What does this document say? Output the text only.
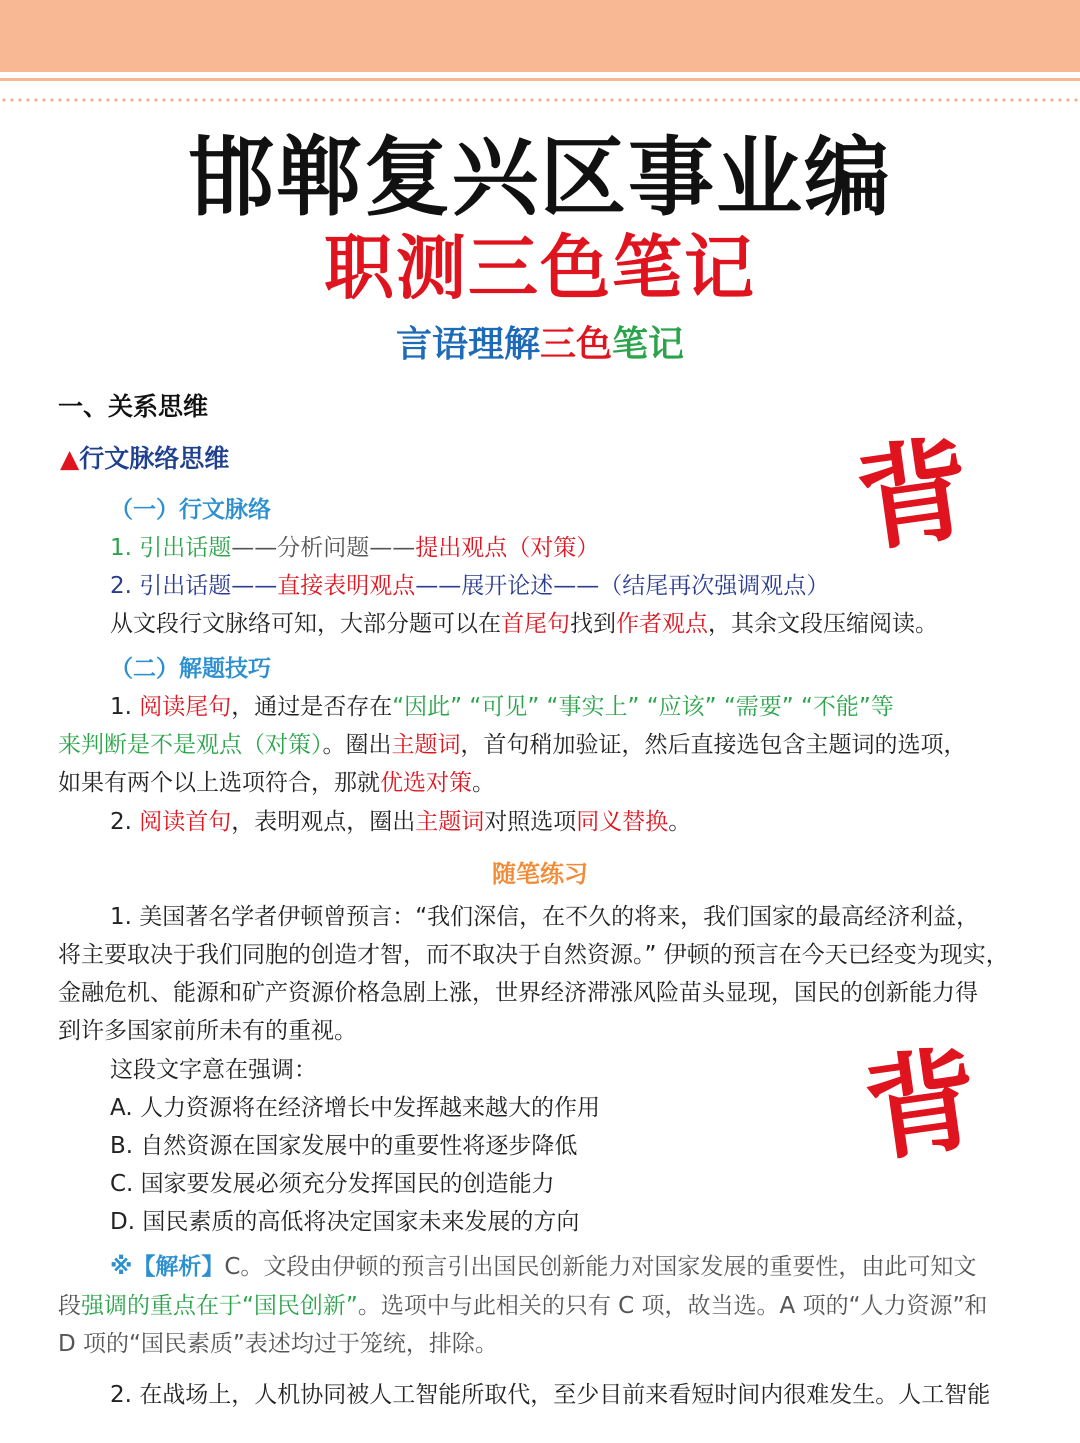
邯郸复兴区事业编
职测三色笔记
言语理解三色笔记
背
背
一、关系思维
▲行文脉络思维
（一）行文脉络
1. 引出话题——分析问题——提出观点（对策）
2. 引出话题——直接表明观点——展开论述——（结尾再次强调观点）
从文段行文脉络可知，大部分题可以在首尾句找到作者观点，其余文段压缩阅读。
（二）解题技巧
1. 阅读尾句，通过是否存在“因此” “可见” “事实上” “应该” “需要” “不能”等
来判断是不是观点（对策）。圈出主题词，首句稍加验证，然后直接选包含主题词的选项，
如果有两个以上选项符合，那就优选对策。
2. 阅读首句，表明观点，圈出主题词对照选项同义替换。
随笔练习
1. 美国著名学者伊顿曾预言：“我们深信，在不久的将来，我们国家的最高经济利益，
将主要取决于我们同胞的创造才智，而不取决于自然资源。” 伊顿的预言在今天已经变为现实，
金融危机、能源和矿产资源价格急剧上涨，世界经济滞涨风险苗头显现，国民的创新能力得
到许多国家前所未有的重视。
这段文字意在强调：
A. 人力资源将在经济增长中发挥越来越大的作用
B. 自然资源在国家发展中的重要性将逐步降低
C. 国家要发展必须充分发挥国民的创造能力
D. 国民素质的高低将决定国家未来发展的方向
※【解析】C。文段由伊顿的预言引出国民创新能力对国家发展的重要性，由此可知文
段强调的重点在于“国民创新”。选项中与此相关的只有 C 项，故当选。A 项的“人力资源”和
D 项的“国民素质”表述均过于笼统，排除。
2. 在战场上，人机协同被人工智能所取代，至少目前来看短时间内很难发生。人工智能
